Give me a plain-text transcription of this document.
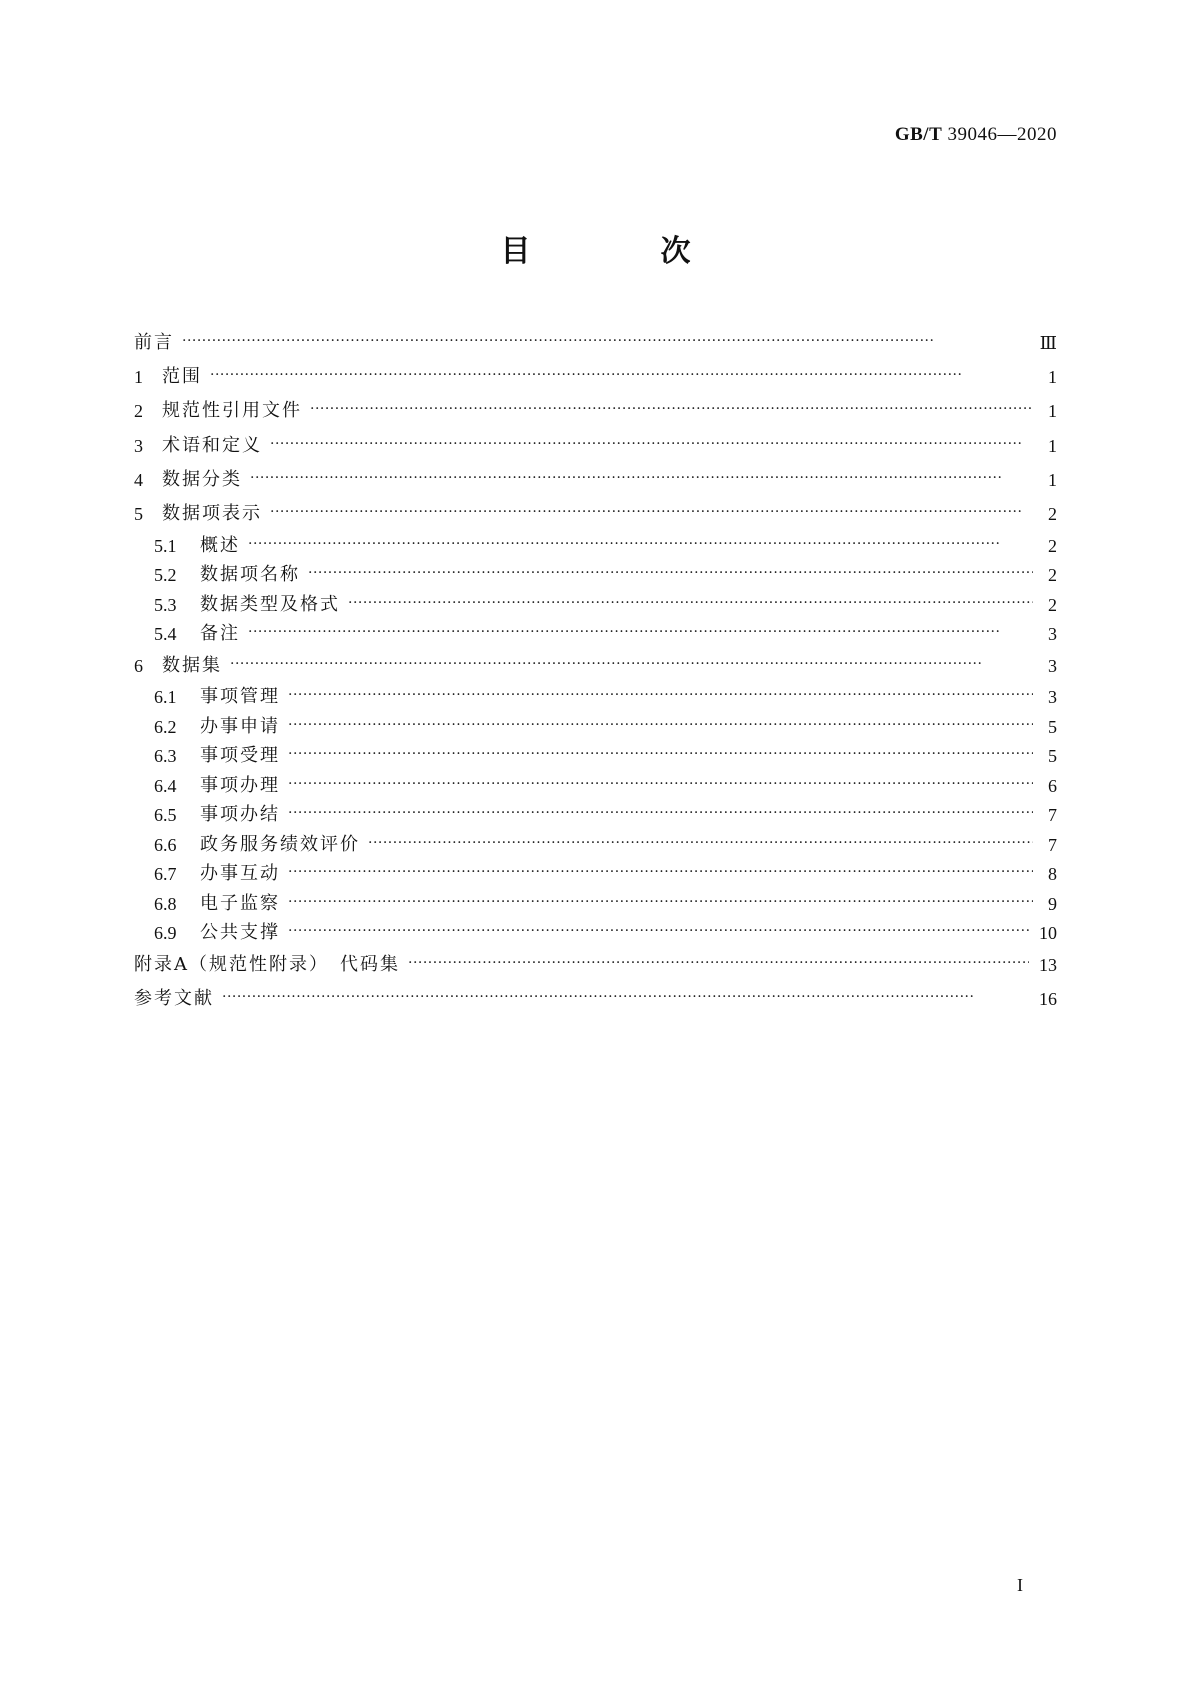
GB/T 39046—2020
目　次
前言 ·····	Ⅲ
1	范围 ·····	1
2	规范性引用文件 ·····	1
3	术语和定义 ·····	1
4	数据分类 ·····	1
5	数据项表示 ·····	2
5.1	概述 ·····	2
5.2	数据项名称 ·····	2
5.3	数据类型及格式 ·····	2
5.4	备注 ·····	3
6	数据集 ·····	3
6.1	事项管理 ·····	3
6.2	办事申请 ·····	5
6.3	事项受理 ·····	5
6.4	事项办理 ·····	6
6.5	事项办结 ·····	7
6.6	政务服务绩效评价 ·····	7
6.7	办事互动 ·····	8
6.8	电子监察 ·····	9
6.9	公共支撑 ·····	10
附录A（规范性附录）　代码集 ·····	13
参考文献 ·····	16
I
